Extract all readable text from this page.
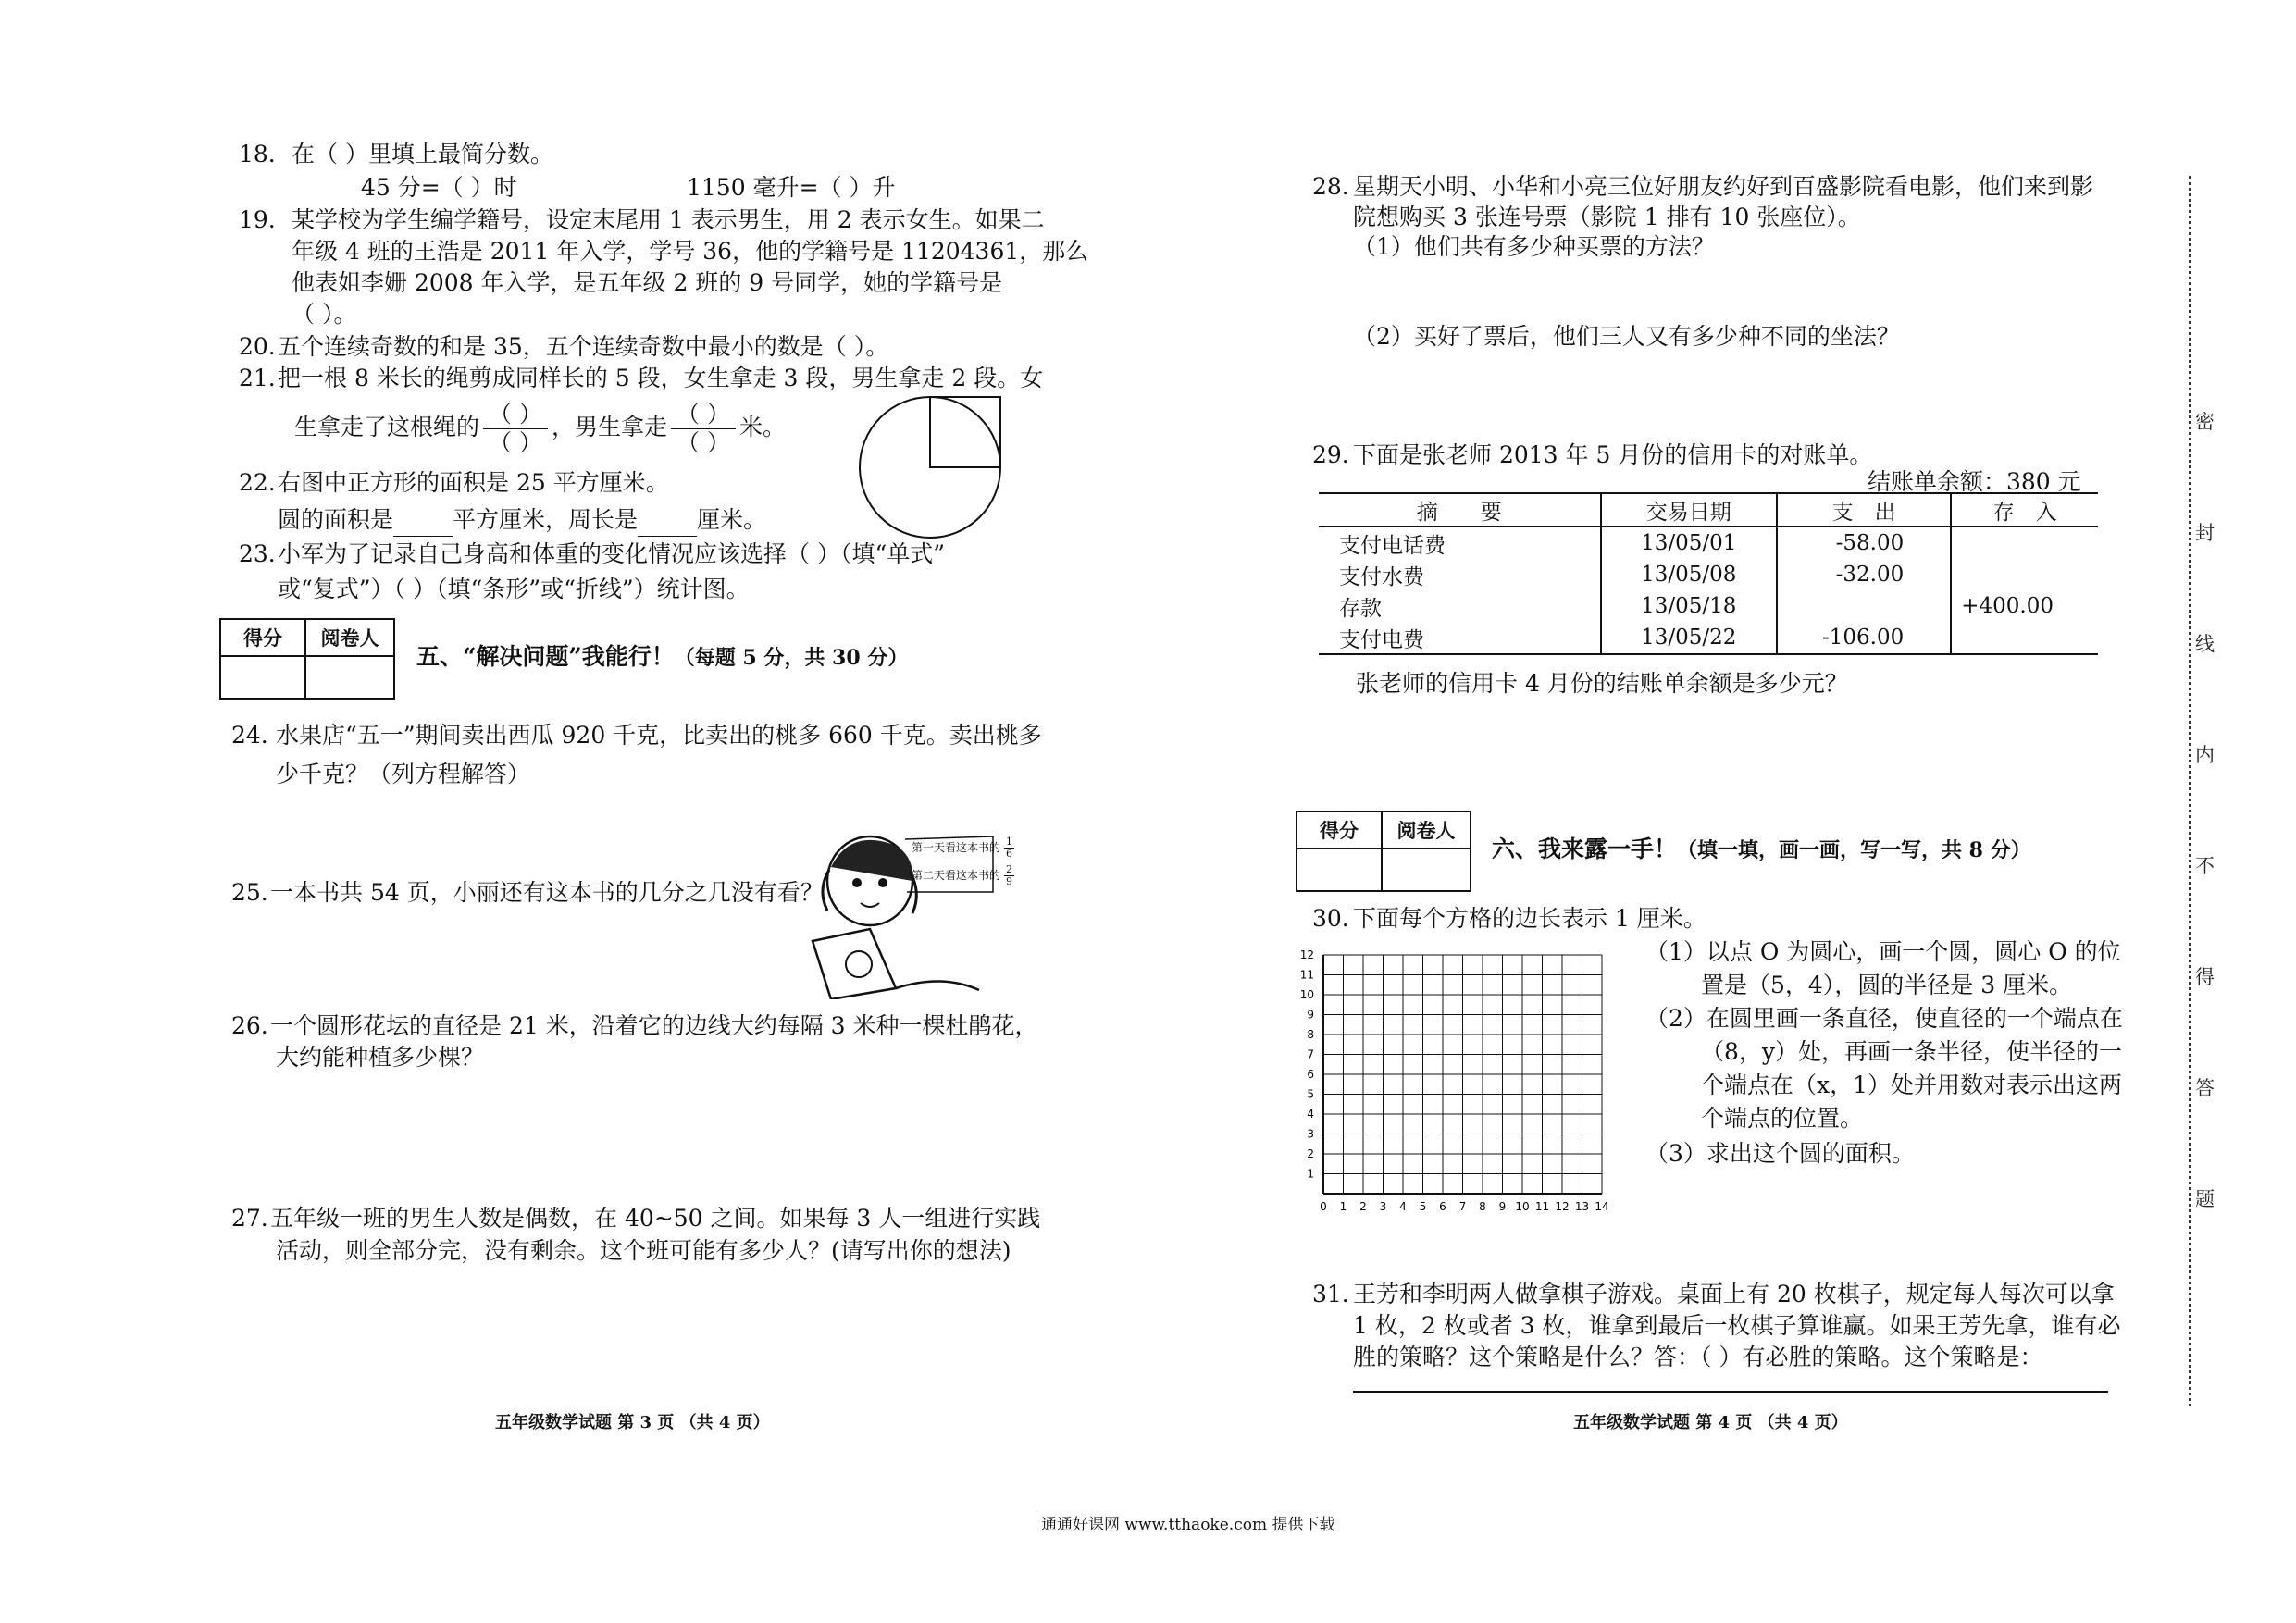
18. 在（ ）里填上最简分数。
45 分=（ ）时	1150 毫升=（ ）升
19. 某学校为学生编学籍号，设定末尾用 1 表示男生，用 2 表示女生。如果二
年级 4 班的王浩是 2011 年入学，学号 36，他的学籍号是 11204361，那么
他表姐李姗 2008 年入学，是五年级 2 班的 9 号同学，她的学籍号是
（ ）。
20. 五个连续奇数的和是 35，五个连续奇数中最小的数是（ ）。
21. 把一根 8 米长的绳剪成同样长的 5 段，女生拿走 3 段，男生拿走 2 段。女
生拿走了这根绳的 $\frac{( )}{( )}$ ，男生拿走 $\frac{( )}{( )}$ 米。
22. 右图中正方形的面积是 25 平方厘米。
圆的面积是	平方厘米，周长是	厘米。
23. 小军为了记录自己身高和体重的变化情况应该选择（ ）（填“单式”
或“复式”）（ ）（填“条形”或“折线”）统计图。
得分	阅卷人

五、“解决问题”我能行！（每题 5 分，共 30 分）
24. 水果店“五一”期间卖出西瓜 920 千克，比卖出的桃多 660 千克。卖出桃多
少千克？（列方程解答）
25. 一本书共 54 页，小丽还有这本书的几分之几没有看？
第一天看这本书的 $\frac{1}{6}$
第二天看这本书的 $\frac{2}{9}$
26. 一个圆形花坛的直径是 21 米，沿着它的边线大约每隔 3 米种一棵杜鹃花，
大约能种植多少棵？
27. 五年级一班的男生人数是偶数，在 40~50 之间。如果每 3 人一组进行实践
活动，则全部分完，没有剩余。这个班可能有多少人？(请写出你的想法)
五年级数学试题 第 3 页 （共 4 页）
28. 星期天小明、小华和小亮三位好朋友约好到百盛影院看电影，他们来到影
院想购买 3 张连号票（影院 1 排有 10 张座位）。
（1）他们共有多少种买票的方法？
（2）买好了票后，他们三人又有多少种不同的坐法？
29. 下面是张老师 2013 年 5 月份的信用卡的对账单。
结账单余额：380 元
摘　　要	交易日期	支　出	存　入
支付电话费	13/05/01	-58.00	
支付水费	13/05/08	-32.00	
存款	13/05/18		+400.00
支付电费	13/05/22	-106.00	
张老师的信用卡 4 月份的结账单余额是多少元？
得分	阅卷人

六、我来露一手！（填一填，画一画，写一写，共 8 分）
30. 下面每个方格的边长表示 1 厘米。
0 1 2 3 4 5 6 7 8 9 10 11 12 13 14
12
11
10
9
8
7
6
5
4
3
2
1
（1）以点 O 为圆心，画一个圆，圆心 O 的位
置是（5，4），圆的半径是 3 厘米。
（2）在圆里画一条直径，使直径的一个端点在
（8，y）处，再画一条半径，使半径的一
个端点在（x，1）处并用数对表示出这两
个端点的位置。
（3）求出这个圆的面积。
31. 王芳和李明两人做拿棋子游戏。桌面上有 20 枚棋子，规定每人每次可以拿
1 枚，2 枚或者 3 枚，谁拿到最后一枚棋子算谁赢。如果王芳先拿，谁有必
胜的策略？这个策略是什么？答：（ ）有必胜的策略。这个策略是：
五年级数学试题 第 4 页 （共 4 页）
密
封
线
内
不
得
答
题
通通好课网 www.tthaoke.com 提供下载
